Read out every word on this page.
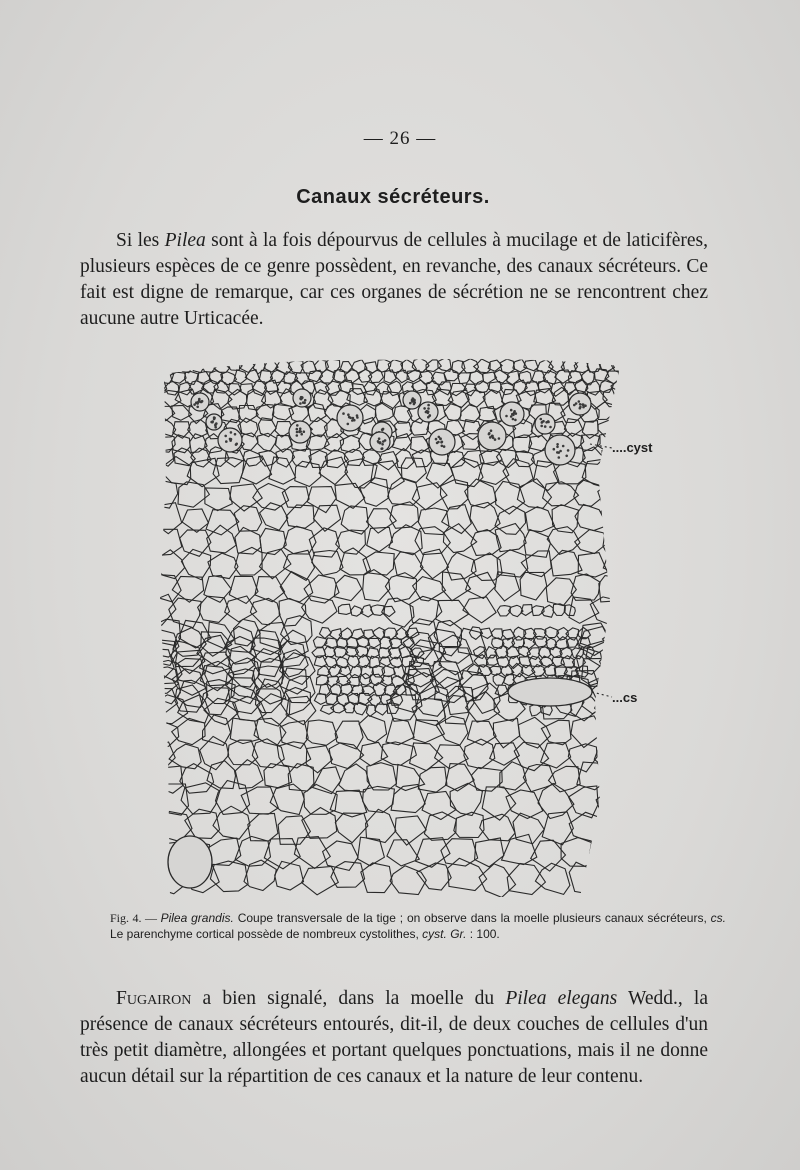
— 26 —
Canaux sécréteurs.
Si les Pilea sont à la fois dépourvus de cellules à mucilage et de laticifères, plusieurs espèces de ce genre possèdent, en revanche, des canaux sécréteurs. Ce fait est digne de remarque, car ces organes de sécrétion ne se rencontrent chez aucune autre Urticacée.
....cyst
...cs
Fig. 4. — Pilea grandis. Coupe transversale de la tige ; on observe dans la moelle plusieurs canaux sécréteurs, cs. Le parenchyme cortical possède de nombreux cystolithes, cyst. Gr. : 100.
Fugairon a bien signalé, dans la moelle du Pilea elegans Wedd., la présence de canaux sécréteurs entourés, dit-il, de deux couches de cellules d'un très petit diamètre, allongées et portant quelques ponctuations, mais il ne donne aucun détail sur la répartition de ces canaux et la nature de leur contenu.
